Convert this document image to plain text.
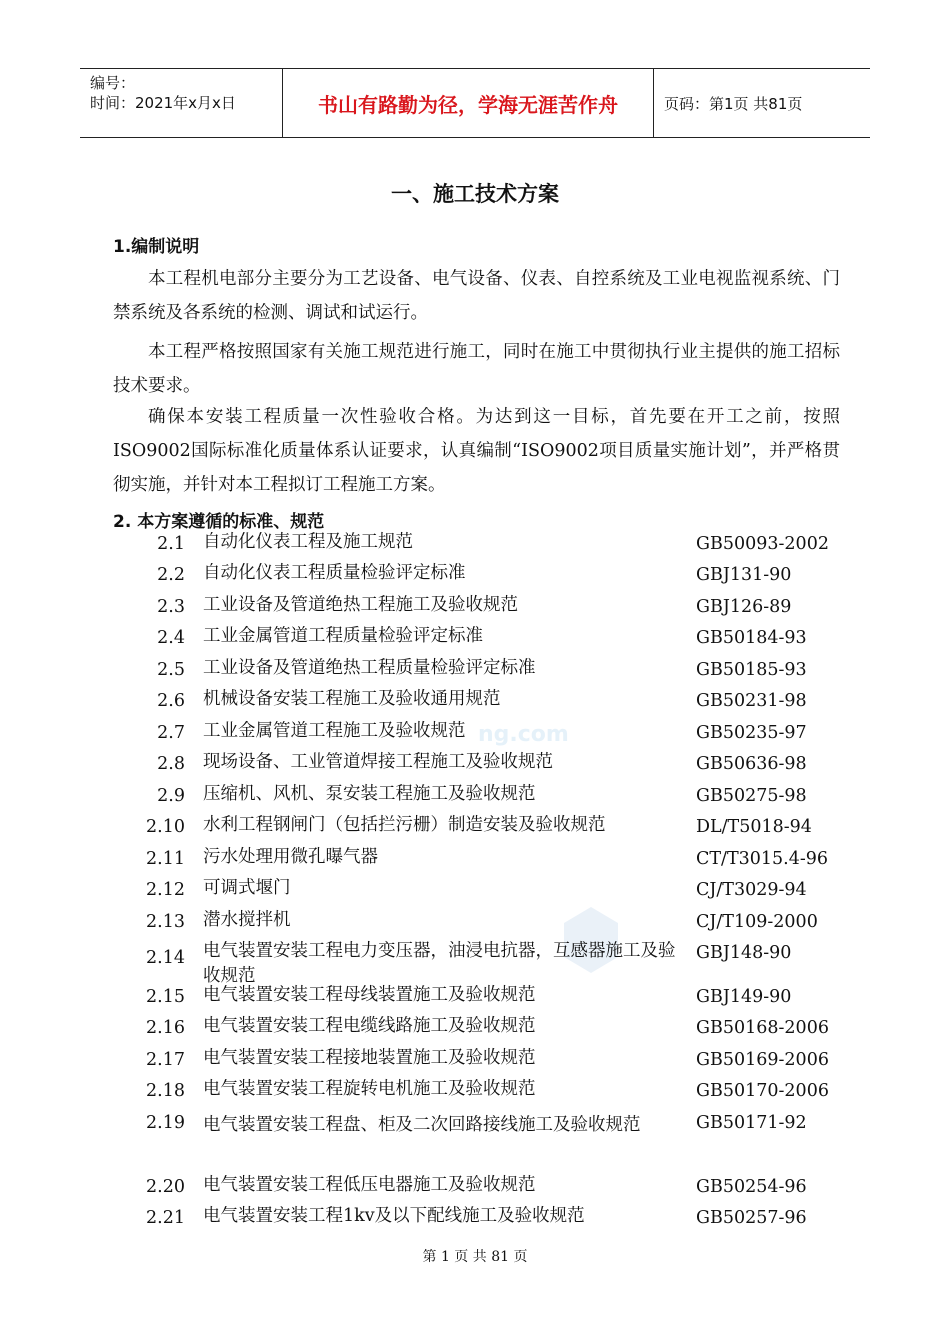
编号：
时间：2021年x月x日	书山有路勤为径，学海无涯苦作舟	页码：第1页 共81页
一、施工技术方案
1.编制说明
本工程机电部分主要分为工艺设备、电气设备、仪表、自控系统及工业电视监视系统、门禁系统及各系统的检测、调试和试运行。
本工程严格按照国家有关施工规范进行施工，同时在施工中贯彻执行业主提供的施工招标技术要求。
确保本安装工程质量一次性验收合格。为达到这一目标，首先要在开工之前，按照ISO9002国际标准化质量体系认证要求，认真编制“ISO9002项目质量实施计划”，并严格贯彻实施，并针对本工程拟订工程施工方案。
2. 本方案遵循的标准、规范
ng.com
2.1 自动化仪表工程及施工规范	GB50093-2002
2.2 自动化仪表工程质量检验评定标准	GBJ131-90
2.3 工业设备及管道绝热工程施工及验收规范	GBJ126-89
2.4 工业金属管道工程质量检验评定标准	GB50184-93
2.5 工业设备及管道绝热工程质量检验评定标准	GB50185-93
2.6 机械设备安装工程施工及验收通用规范	GB50231-98
2.7 工业金属管道工程施工及验收规范	GB50235-97
2.8 现场设备、工业管道焊接工程施工及验收规范	GB50636-98
2.9 压缩机、风机、泵安装工程施工及验收规范	GB50275-98
2.10 水利工程钢闸门（包括拦污栅）制造安装及验收规范	DL/T5018-94
2.11 污水处理用微孔曝气器	CT/T3015.4-96
2.12 可调式堰门	CJ/T3029-94
2.13 潜水搅拌机	CJ/T109-2000
2.14 电气装置安装工程电力变压器，油浸电抗器，互感器施工及验收规范
GBJ148-90
2.15 电气装置安装工程母线装置施工及验收规范	GBJ149-90
2.16 电气装置安装工程电缆线路施工及验收规范	GB50168-2006
2.17 电气装置安装工程接地装置施工及验收规范	GB50169-2006
2.18 电气装置安装工程旋转电机施工及验收规范	GB50170-2006
2.19 电气装置安装工程盘、柜及二次回路接线施工及验收规范	GB50171-92
2.20 电气装置安装工程低压电器施工及验收规范	GB50254-96
2.21 电气装置安装工程1kv及以下配线施工及验收规范	GB50257-96
第 1 页 共 81 页
